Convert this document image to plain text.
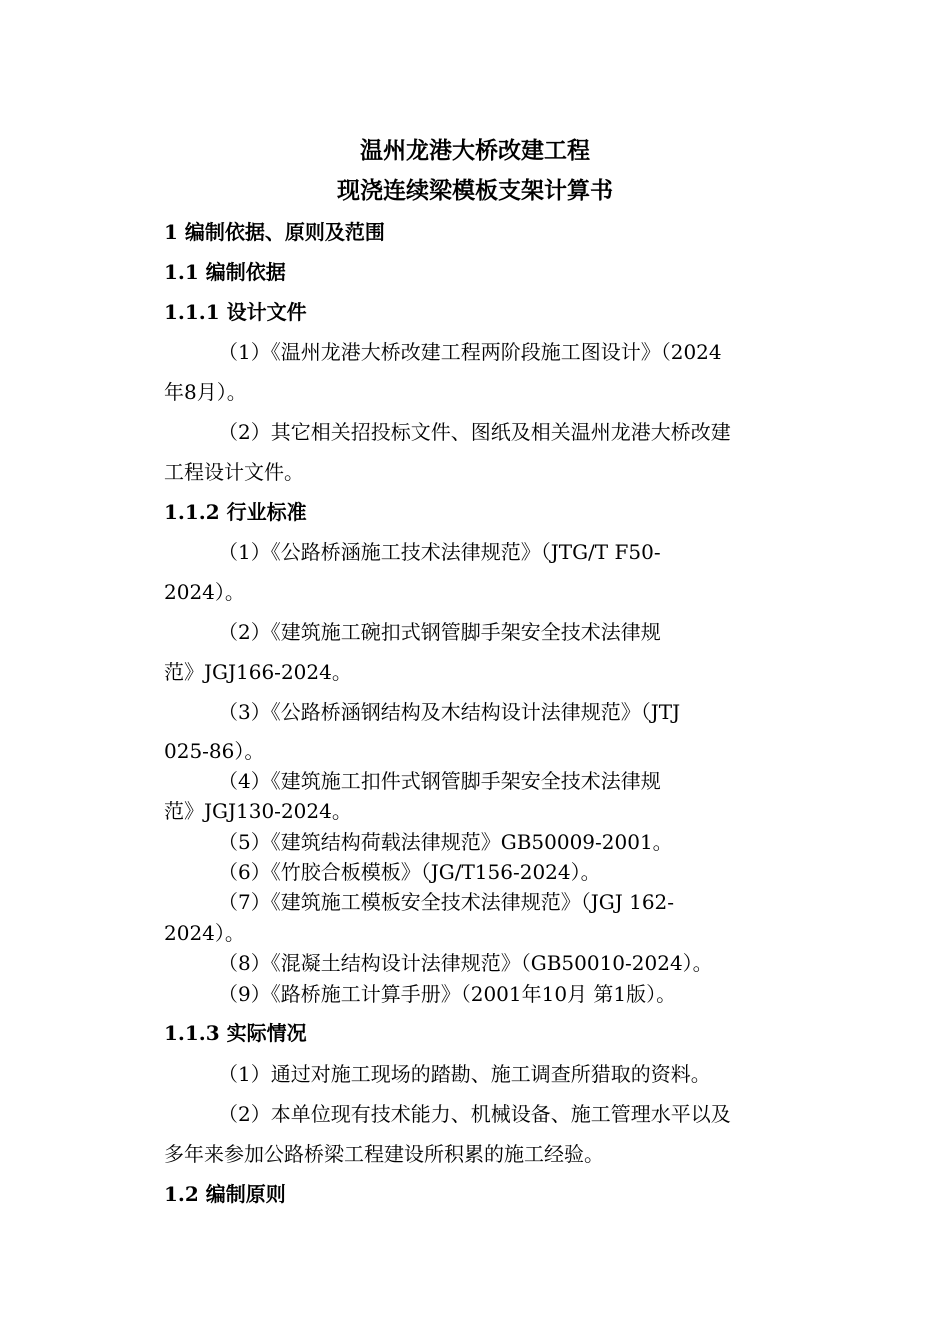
温州龙港大桥改建工程
现浇连续梁模板支架计算书
1 编制依据、原则及范围
1.1 编制依据
1.1.1 设计文件
（1）《温州龙港大桥改建工程两阶段施工图设计》（2024
年8月）。
（2）其它相关招投标文件、图纸及相关温州龙港大桥改建
工程设计文件。
1.1.2 行业标准
（1）《公路桥涵施工技术法律规范》（JTG/T F50-
2024）。
（2）《建筑施工碗扣式钢管脚手架安全技术法律规
范》JGJ166-2024。
（3）《公路桥涵钢结构及木结构设计法律规范》（JTJ
025-86）。
（4）《建筑施工扣件式钢管脚手架安全技术法律规
范》JGJ130-2024。
（5）《建筑结构荷载法律规范》GB50009-2001。
（6）《竹胶合板模板》（JG/T156-2024）。
（7）《建筑施工模板安全技术法律规范》（JGJ 162-
2024）。
（8）《混凝土结构设计法律规范》（GB50010-2024）。
（9）《路桥施工计算手册》（2001年10月 第1版）。
1.1.3 实际情况
（1）通过对施工现场的踏勘、施工调查所猎取的资料。
（2）本单位现有技术能力、机械设备、施工管理水平以及
多年来参加公路桥梁工程建设所积累的施工经验。
1.2 编制原则
